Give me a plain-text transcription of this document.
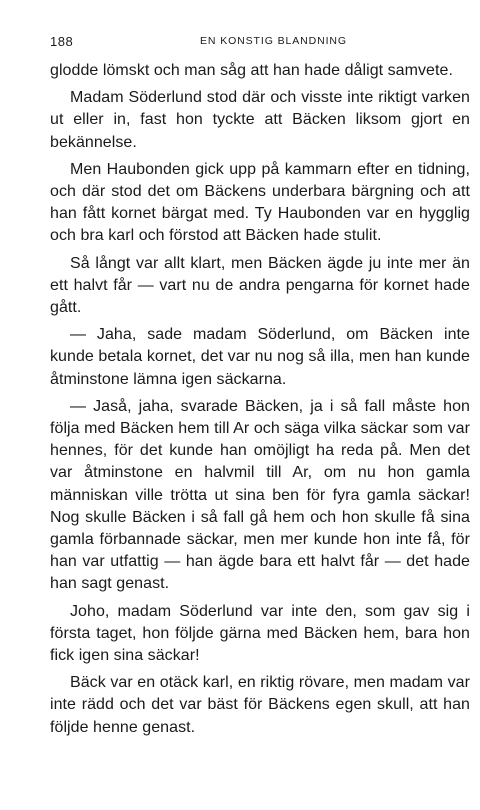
188	EN KONSTIG BLANDNING

glodde lömskt och man såg att han hade dåligt samvete.

Madam Söderlund stod där och visste inte riktigt varken ut eller in, fast hon tyckte att Bäcken liksom gjort en bekännelse.

Men Haubonden gick upp på kammarn efter en tidning, och där stod det om Bäckens underbara bärgning och att han fått kornet bärgat med. Ty Haubonden var en hygglig och bra karl och förstod att Bäcken hade stulit.

Så långt var allt klart, men Bäcken ägde ju inte mer än ett halvt får — vart nu de andra pengarna för kornet hade gått.

— Jaha, sade madam Söderlund, om Bäcken inte kunde betala kornet, det var nu nog så illa, men han kunde åtminstone lämna igen säckarna.

— Jaså, jaha, svarade Bäcken, ja i så fall måste hon följa med Bäcken hem till Ar och säga vilka säckar som var hennes, för det kunde han omöjligt ha reda på. Men det var åtminstone en halvmil till Ar, om nu hon gamla människan ville trötta ut sina ben för fyra gamla säckar! Nog skulle Bäcken i så fall gå hem och hon skulle få sina gamla förbannade säckar, men mer kunde hon inte få, för han var utfattig — han ägde bara ett halvt får — det hade han sagt genast.

Joho, madam Söderlund var inte den, som gav sig i första taget, hon följde gärna med Bäcken hem, bara hon fick igen sina säckar!

Bäck var en otäck karl, en riktig rövare, men madam var inte rädd och det var bäst för Bäckens egen skull, att han följde henne genast.
